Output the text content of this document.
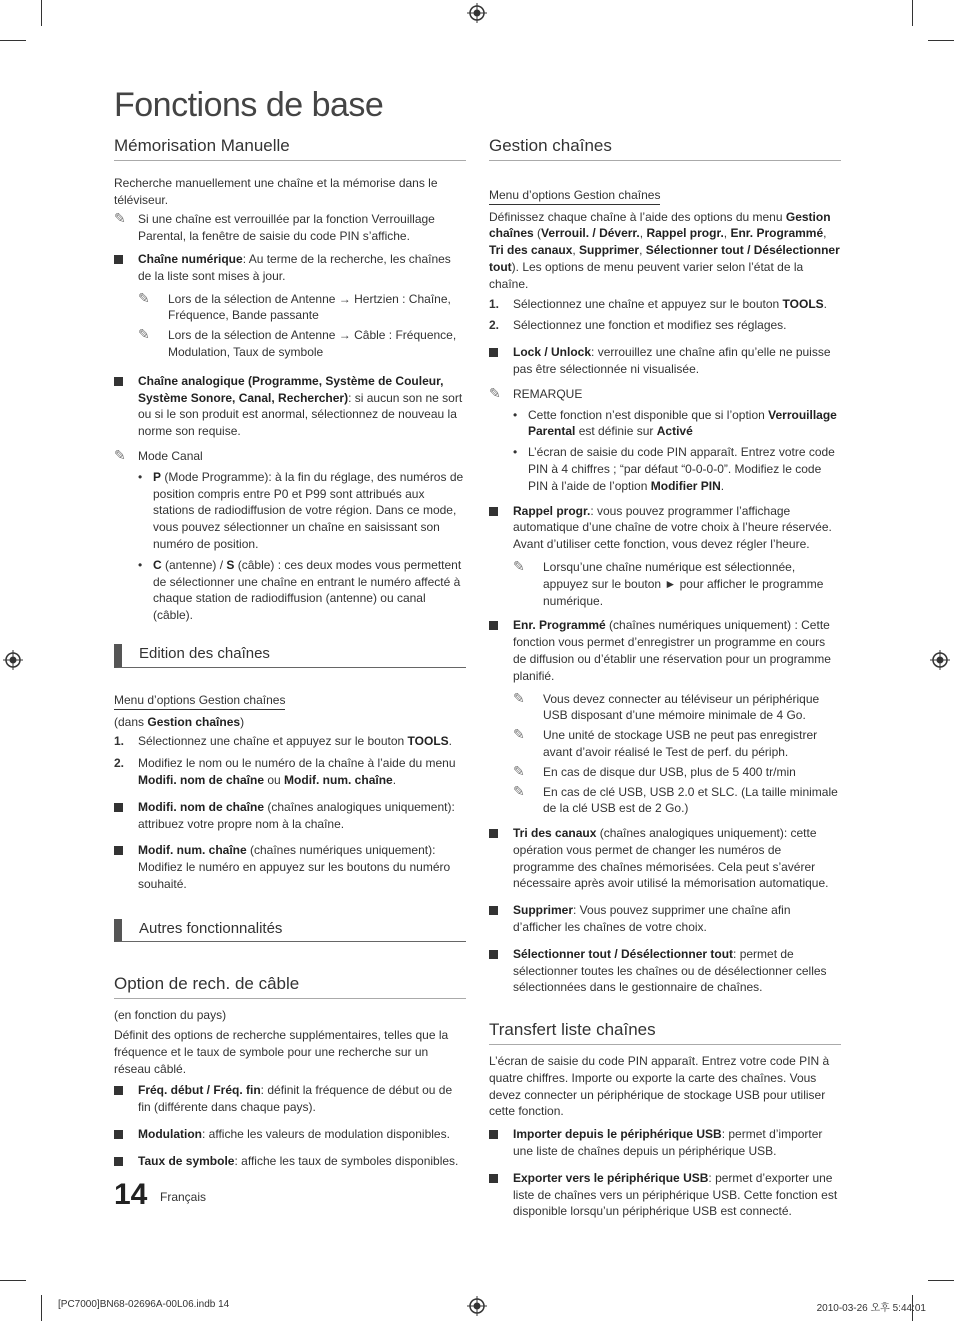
Fonctions de base
Mémorisation Manuelle

Recherche manuellement une chaîne et la mémorise dans le téléviseur.

✎ Si une chaîne est verrouillée par la fonction Verrouillage Parental, la fenêtre de saisie du code PIN s’affiche.
Chaîne numérique: Au terme de la recherche, les chaînes de la liste sont mises à jour.
✎ Lors de la sélection de Antenne → Hertzien : Chaîne, Fréquence, Bande passante
✎ Lors de la sélection de Antenne → Câble : Fréquence, Modulation, Taux de symbole
Chaîne analogique (Programme, Système de Couleur, Système Sonore, Canal, Rechercher): si aucun son ne sort ou si le son produit est anormal, sélectionnez de nouveau la norme son requise.
✎ Mode Canal
• P (Mode Programme): à la fin du réglage, des numéros de position compris entre P0 et P99 sont attribués aux stations de radiodiffusion de votre région. Dans ce mode, vous pouvez sélectionner un chaîne en saisissant son numéro de position.
• C (antenne) / S (câble) : ces deux modes vous permettent de sélectionner une chaîne en entrant le numéro affecté à chaque station de radiodiffusion (antenne) ou canal (câble).
Edition des chaînes
Menu d’options Gestion chaînes

(dans Gestion chaînes)

1. Sélectionnez une chaîne et appuyez sur le bouton TOOLS.
2. Modifiez le nom ou le numéro de la chaîne à l’aide du menu Modifi. nom de chaîne ou Modif. num. chaîne.
Modifi. nom de chaîne (chaînes analogiques uniquement): attribuez votre propre nom à la chaîne.
Modif. num. chaîne (chaînes numériques uniquement): Modifiez le numéro en appuyez sur les boutons du numéro souhaité.
Autres fonctionnalités
Option de rech. de câble

(en fonction du pays)

Définit des options de recherche supplémentaires, telles que la fréquence et le taux de symbole pour une recherche sur un réseau câblé.

Fréq. début / Fréq. fin: définit la fréquence de début ou de fin (différente dans chaque pays).
Modulation: affiche les valeurs de modulation disponibles.
Taux de symbole: affiche les taux de symboles disponibles.
Gestion chaînes
Menu d’options Gestion chaînes

Définissez chaque chaîne à l’aide des options du menu Gestion chaînes (Verrouil. / Déverr., Rappel progr., Enr. Programmé, Tri des canaux, Supprimer, Sélectionner tout / Désélectionner tout). Les options de menu peuvent varier selon l’état de la chaîne.

1. Sélectionnez une chaîne et appuyez sur le bouton TOOLS.
2. Sélectionnez une fonction et modifiez ses réglages.
Lock / Unlock: verrouillez une chaîne afin qu’elle ne puisse pas être sélectionnée ni visualisée.
✎ REMARQUE
• Cette fonction n’est disponible que si l’option Verrouillage Parental est définie sur Activé
• L’écran de saisie du code PIN apparaît. Entrez votre code PIN à 4 chiffres ; “par défaut “0-0-0-0”. Modifiez le code PIN à l’aide de l’option Modifier PIN.
Rappel progr.: vous pouvez programmer l’affichage automatique d’une chaîne de votre choix à l’heure réservée. Avant d’utiliser cette fonction, vous devez régler l’heure.
✎ Lorsqu’une chaîne numérique est sélectionnée, appuyez sur le bouton ► pour afficher le programme numérique.
Enr. Programmé (chaînes numériques uniquement) : Cette fonction vous permet d’enregistrer un programme en cours de diffusion ou d’établir une réservation pour un programme planifié.
✎ Vous devez connecter au téléviseur un périphérique USB disposant d’une mémoire minimale de 4 Go.
✎ Une unité de stockage USB ne peut pas enregistrer avant d’avoir réalisé le Test de perf. du périph.
✎ En cas de disque dur USB, plus de 5 400 tr/min
✎ En cas de clé USB, USB 2.0 et SLC. (La taille minimale de la clé USB est de 2 Go.)
Tri des canaux (chaînes analogiques uniquement): cette opération vous permet de changer les numéros de programme des chaînes mémorisées. Cela peut s’avérer nécessaire après avoir utilisé la mémorisation automatique.
Supprimer: Vous pouvez supprimer une chaîne afin d’afficher les chaînes de votre choix.
Sélectionner tout / Désélectionner tout: permet de sélectionner toutes les chaînes ou de désélectionner celles sélectionnées dans le gestionnaire de chaînes.
Transfert liste chaînes

L’écran de saisie du code PIN apparaît. Entrez votre code PIN à quatre chiffres. Importe ou exporte la carte des chaînes. Vous devez connecter un périphérique de stockage USB pour utiliser cette fonction.

Importer depuis le périphérique USB: permet d’importer une liste de chaînes depuis un périphérique USB.
Exporter vers le périphérique USB: permet d’exporter une liste de chaînes vers un périphérique USB. Cette fonction est disponible lorsqu’un périphérique USB est connecté.
14 Français
[PC7000]BN68-02696A-00L06.indb 14	2010-03-26 오후 5:44:01
